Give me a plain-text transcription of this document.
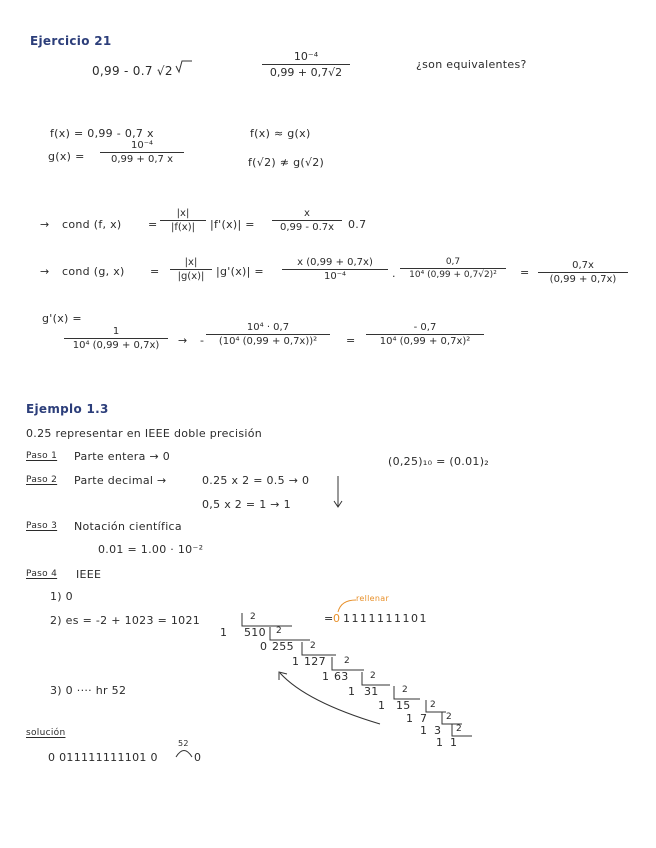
Ejercicio 21
0,99 - 0.7 √2
10⁻⁴
0,99 + 0,7√2
¿son equivalentes?
f(x) = 0,99 - 0,7 x
g(x) =
10⁻⁴
0,99 + 0,7 x
f(x) ≈ g(x)
f(√2) ≉ g(√2)
→ cond (f, x) =
|x|
|f(x)| |f'(x)| =
x
0,99 - 0.7x 0.7
→ cond (g, x) =
|x|
|g(x)| |g'(x)| =
x (0,99 + 0,7x)
10⁻⁴	·
0,7
10⁴ (0,99 + 0,7√2)² =
0,7x
(0,99 + 0,7x)
g'(x) =
1
10⁴ (0,99 + 0,7x) → -
10⁴ · 0,7
(10⁴ (0,99 + 0,7x))²	=
- 0,7
10⁴ (0,99 + 0,7x)²
Ejemplo 1.3
0.25 representar en IEEE doble precisión
Paso 1 Parte entera → 0
Paso 2 Parte decimal →	0.25 x 2 = 0.5 → 0
0,5 x 2 = 1 → 1
(0,25)₁₀ = (0.01)₂
Paso 3 Notación científica
0.01 = 1.00 · 10⁻²
Paso 4 IEEE
1) 0
2) es = -2 + 1023 = 1021
3) 0 ···· hr 52
1 510
2
0 255
2
1 127
2
1 63
2
1 31
2
1 15
2
1 7
2
1 3
2
1 1
2
= 0 1111111101
rellenar
solución
0 011111111101 0
52
0
